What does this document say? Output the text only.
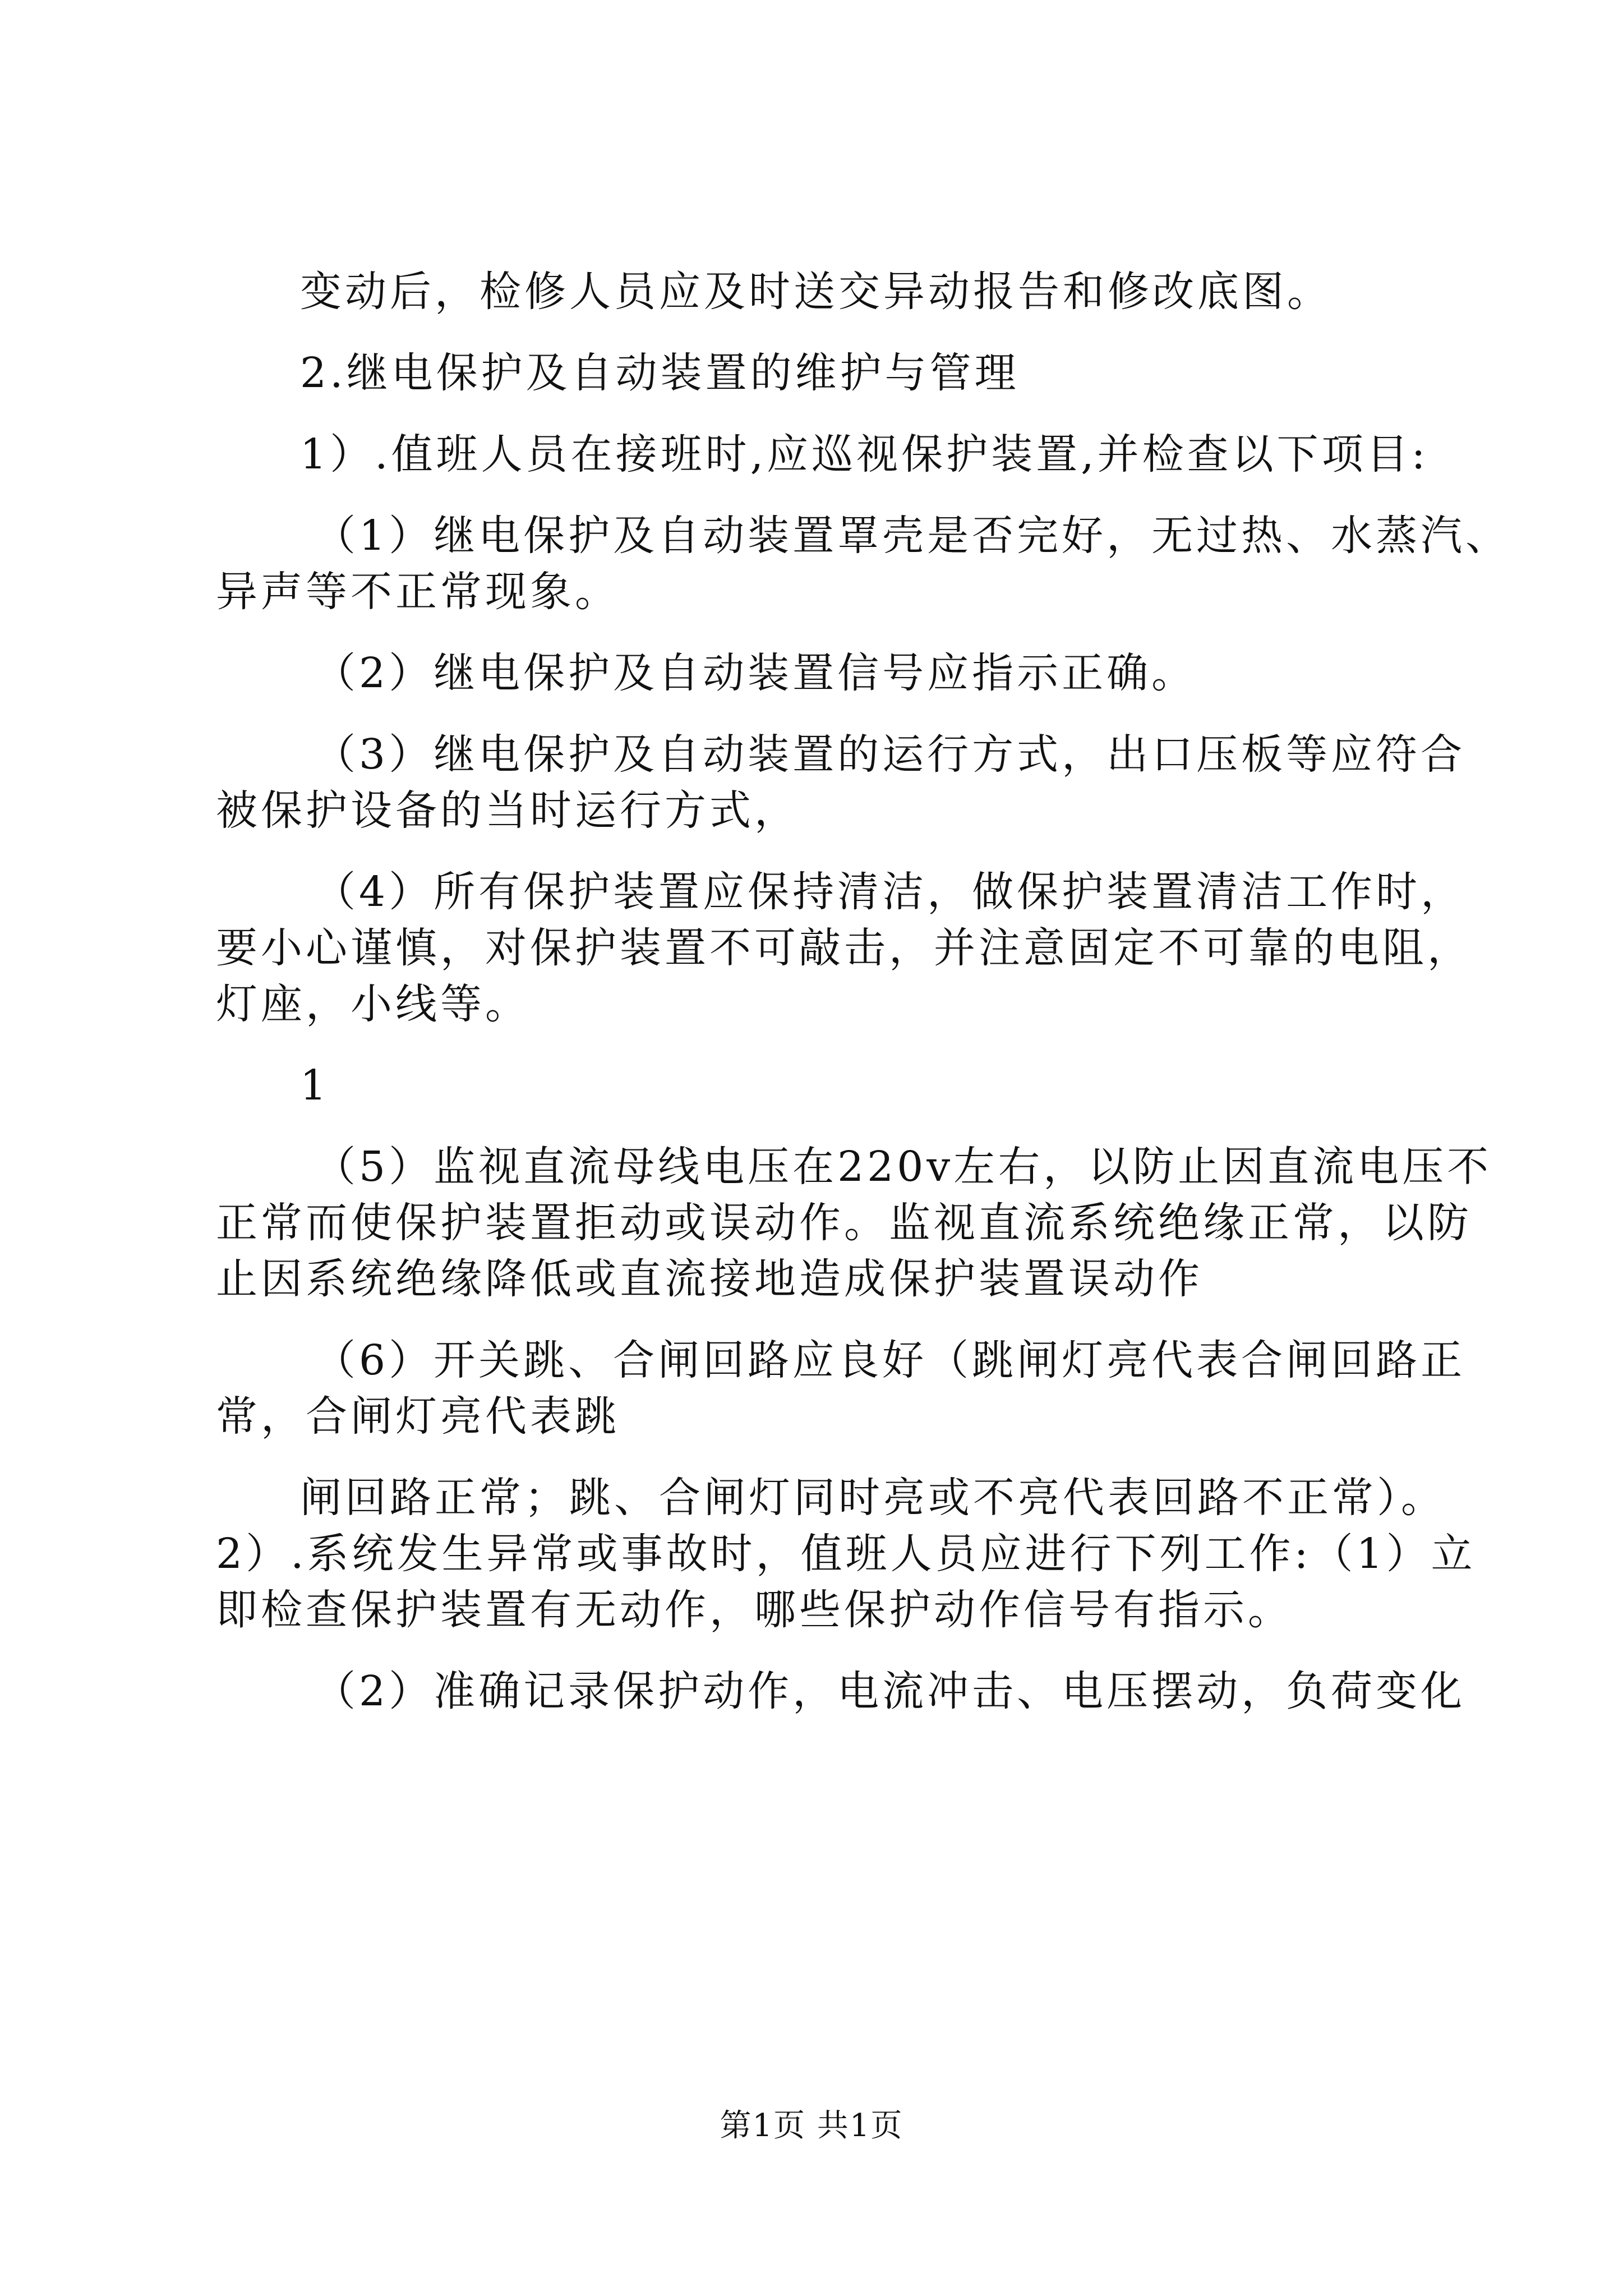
变动后，检修人员应及时送交异动报告和修改底图。
2.继电保护及自动装置的维护与管理
1）.值班人员在接班时,应巡视保护装置,并检查以下项目:
（1）继电保护及自动装置罩壳是否完好，无过热、水蒸汽、
异声等不正常现象。
（2）继电保护及自动装置信号应指示正确。
（3）继电保护及自动装置的运行方式，出口压板等应符合
被保护设备的当时运行方式，
（4）所有保护装置应保持清洁，做保护装置清洁工作时，
要小心谨慎，对保护装置不可敲击，并注意固定不可靠的电阻，
灯座，小线等。
1
（5）监视直流母线电压在220v左右，以防止因直流电压不
正常而使保护装置拒动或误动作。监视直流系统绝缘正常，以防
止因系统绝缘降低或直流接地造成保护装置误动作
（6）开关跳、合闸回路应良好（跳闸灯亮代表合闸回路正
常，合闸灯亮代表跳
闸回路正常；跳、合闸灯同时亮或不亮代表回路不正常）。
2）.系统发生异常或事故时，值班人员应进行下列工作:（1）立
即检查保护装置有无动作，哪些保护动作信号有指示。
（2）准确记录保护动作，电流冲击、电压摆动，负荷变化
第1页 共1页
